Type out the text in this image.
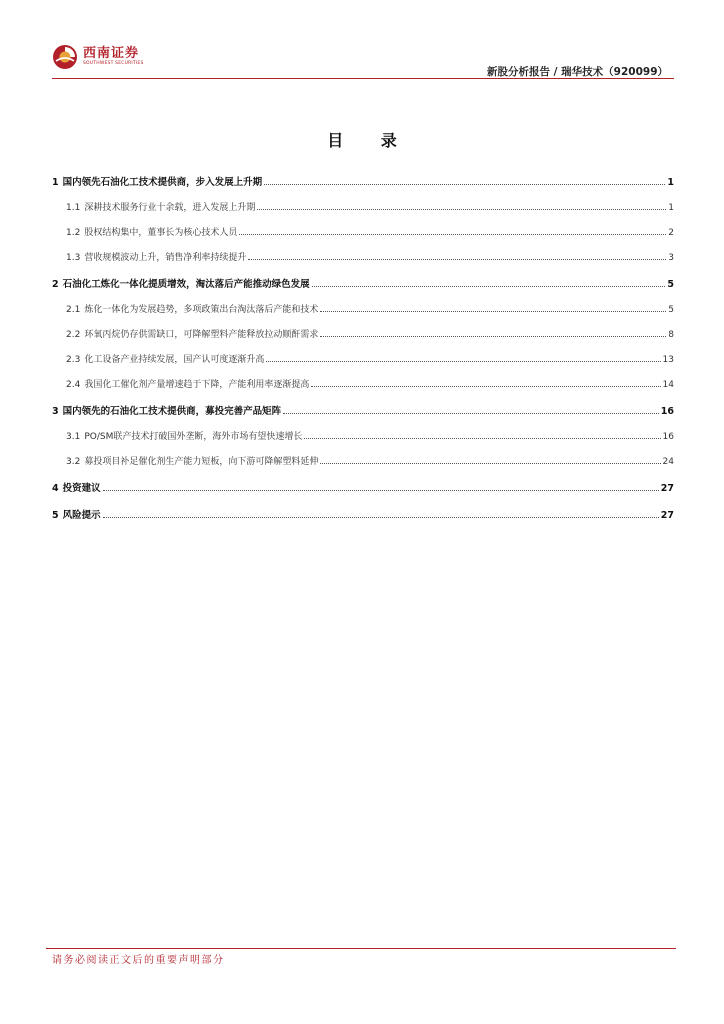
西南证券
SOUTHWEST SECURITIES
新股分析报告 / 瑞华技术（920099）
目 录
1 国内领先石油化工技术提供商，步入发展上升期	1
1.1 深耕技术服务行业十余载，进入发展上升期	1
1.2 股权结构集中，董事长为核心技术人员	2
1.3 营收规模波动上升，销售净利率持续提升	3
2 石油化工炼化一体化提质增效，淘汰落后产能推动绿色发展	5
2.1 炼化一体化为发展趋势，多项政策出台淘汰落后产能和技术	5
2.2 环氧丙烷仍存供需缺口，可降解塑料产能释放拉动顺酐需求	8
2.3 化工设备产业持续发展，国产认可度逐渐升高	13
2.4 我国化工催化剂产量增速趋于下降，产能利用率逐渐提高	14
3 国内领先的石油化工技术提供商，募投完善产品矩阵	16
3.1 PO/SM联产技术打破国外垄断，海外市场有望快速增长	16
3.2 募投项目补足催化剂生产能力短板，向下游可降解塑料延伸	24
4 投资建议	27
5 风险提示	27
请务必阅读正文后的重要声明部分
